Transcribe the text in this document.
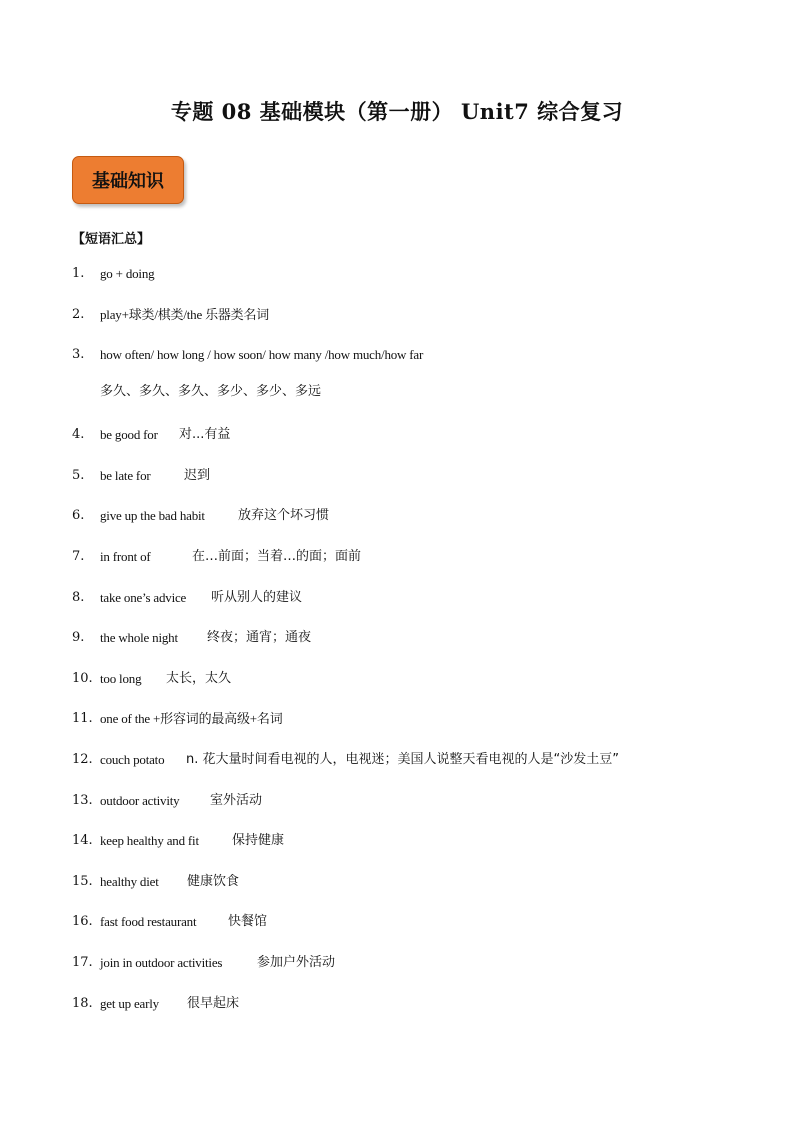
专题 08 基础模块（第一册） Unit7 综合复习
基础知识
【短语汇总】
1.	go + doing
2.	play+球类/棋类/the 乐器类名词
3.	how often/ how long / how soon/ how many /how much/how far
多久、多久、多久、多少、多少、多远
4.	be good for 对...有益
5.	be late for	迟到
6.	give up the bad habit	放弃这个坏习惯
7.	in front of	在…前面；当着…的面；面前
8.	take one’s advice 听从别人的建议
9.	the whole night 终夜；通宵；通夜
10. too long 太长，太久
11. one of the +形容词的最高级+名词
12. couch potato n. 花大量时间看电视的人，电视迷；美国人说整天看电视的人是“沙发土豆”
13. outdoor activity 室外活动
14. keep healthy and fit	保持健康
15. healthy diet 健康饮食
16. fast food restaurant 快餐馆
17. join in outdoor activities	参加户外活动
18. get up early 很早起床
